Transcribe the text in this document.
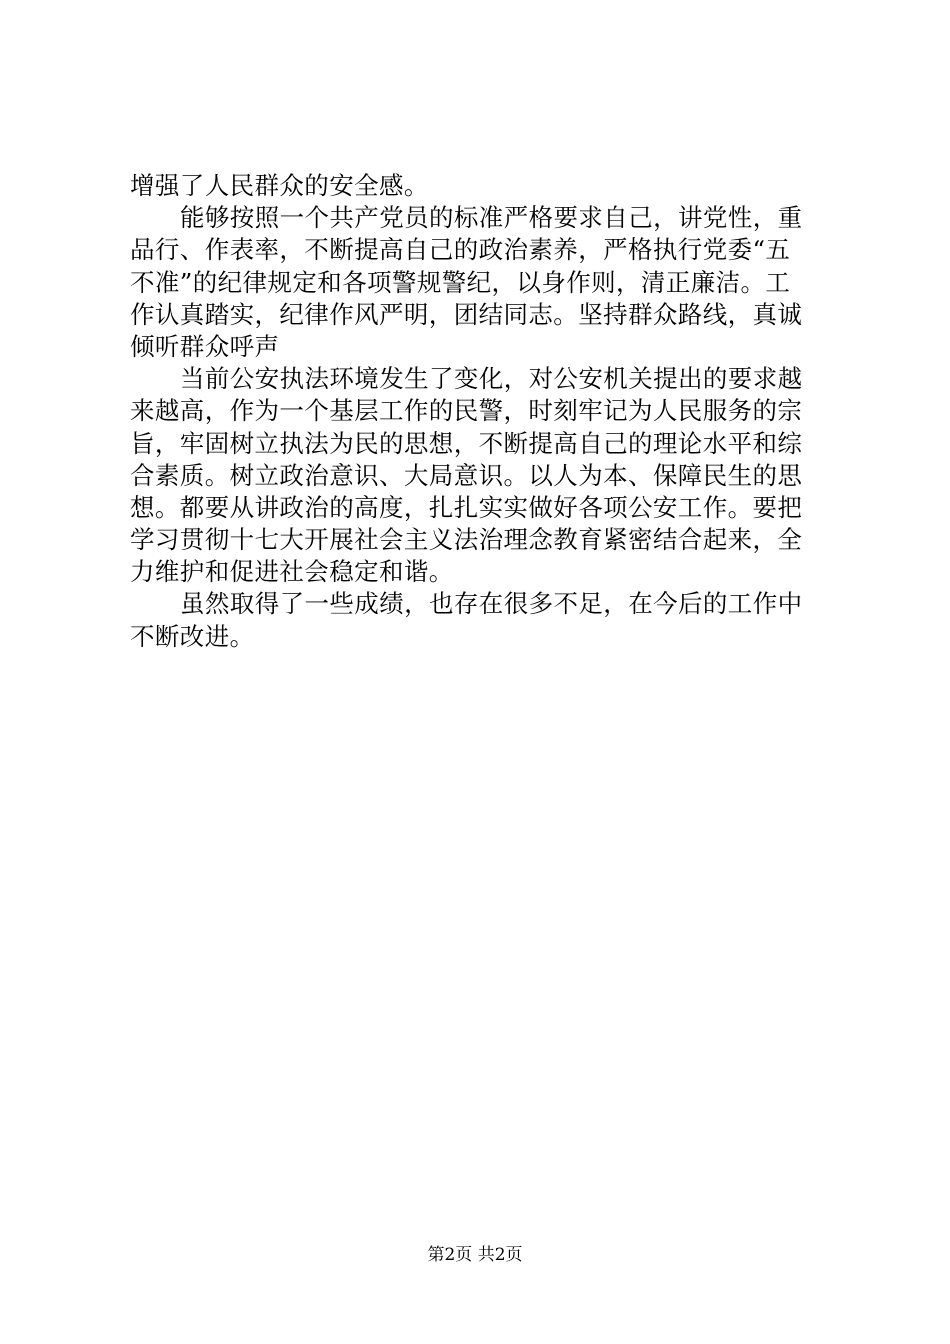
增强了人民群众的安全感。
能够按照一个共产党员的标准严格要求自己，讲党性，重
品行、作表率，不断提高自己的政治素养，严格执行党委“五
不准”的纪律规定和各项警规警纪，以身作则，清正廉洁。工
作认真踏实，纪律作风严明，团结同志。坚持群众路线，真诚
倾听群众呼声
当前公安执法环境发生了变化，对公安机关提出的要求越
来越高，作为一个基层工作的民警，时刻牢记为人民服务的宗
旨，牢固树立执法为民的思想，不断提高自己的理论水平和综
合素质。树立政治意识、大局意识。以人为本、保障民生的思
想。都要从讲政治的高度，扎扎实实做好各项公安工作。要把
学习贯彻十七大开展社会主义法治理念教育紧密结合起来，全
力维护和促进社会稳定和谐。
虽然取得了一些成绩，也存在很多不足，在今后的工作中
不断改进。
第2页 共2页
